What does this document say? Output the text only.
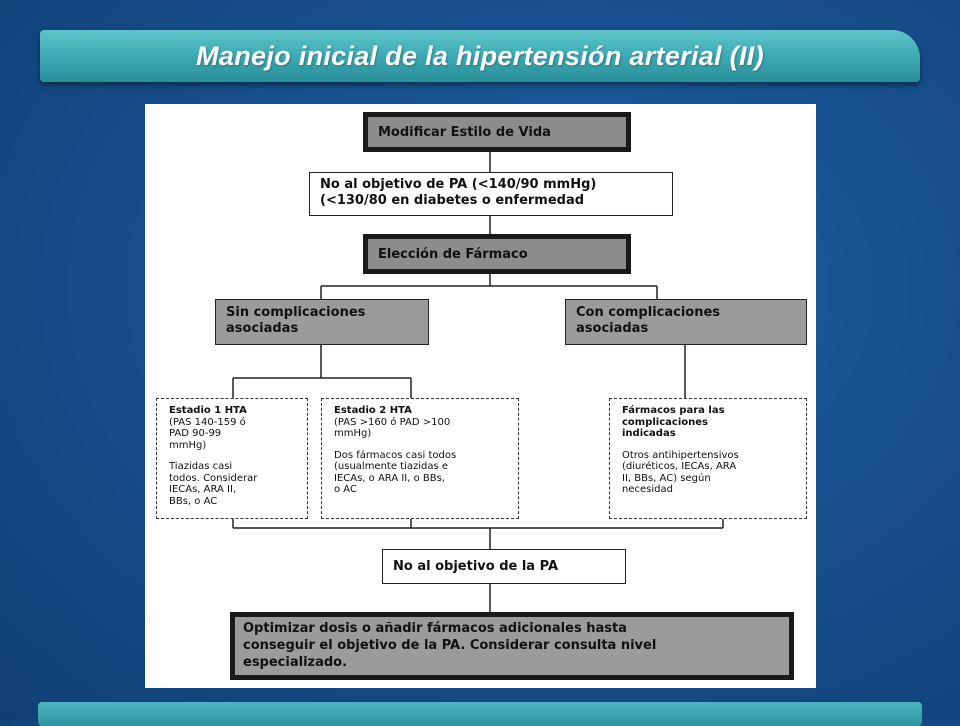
Manejo inicial de la hipertensión arterial (II)
Modificar Estilo de Vida
No al objetivo de PA (<140/90 mmHg)
(<130/80 en diabetes o enfermedad
Elección de Fármaco
Sin complicaciones
asociadas
Con complicaciones
asociadas
Estadio 1 HTA
(PAS 140-159 ó
PAD 90-99
mmHg)
Tiazidas casi
todos. Considerar
IECAs, ARA II,
BBs, o AC
Estadio 2 HTA
(PAS >160 ó PAD >100
mmHg)
Dos fármacos casi todos
(usualmente tiazidas e
IECAs, o ARA II, o BBs,
o AC
Fármacos para las
complicaciones
indicadas
Otros antihipertensivos
(diuréticos, IECAs, ARA
II, BBs, AC) según
necesidad
No al objetivo de la PA
Optimizar dosis o añadir fármacos adicionales hasta
conseguir el objetivo de la PA. Considerar consulta nivel
especializado.
